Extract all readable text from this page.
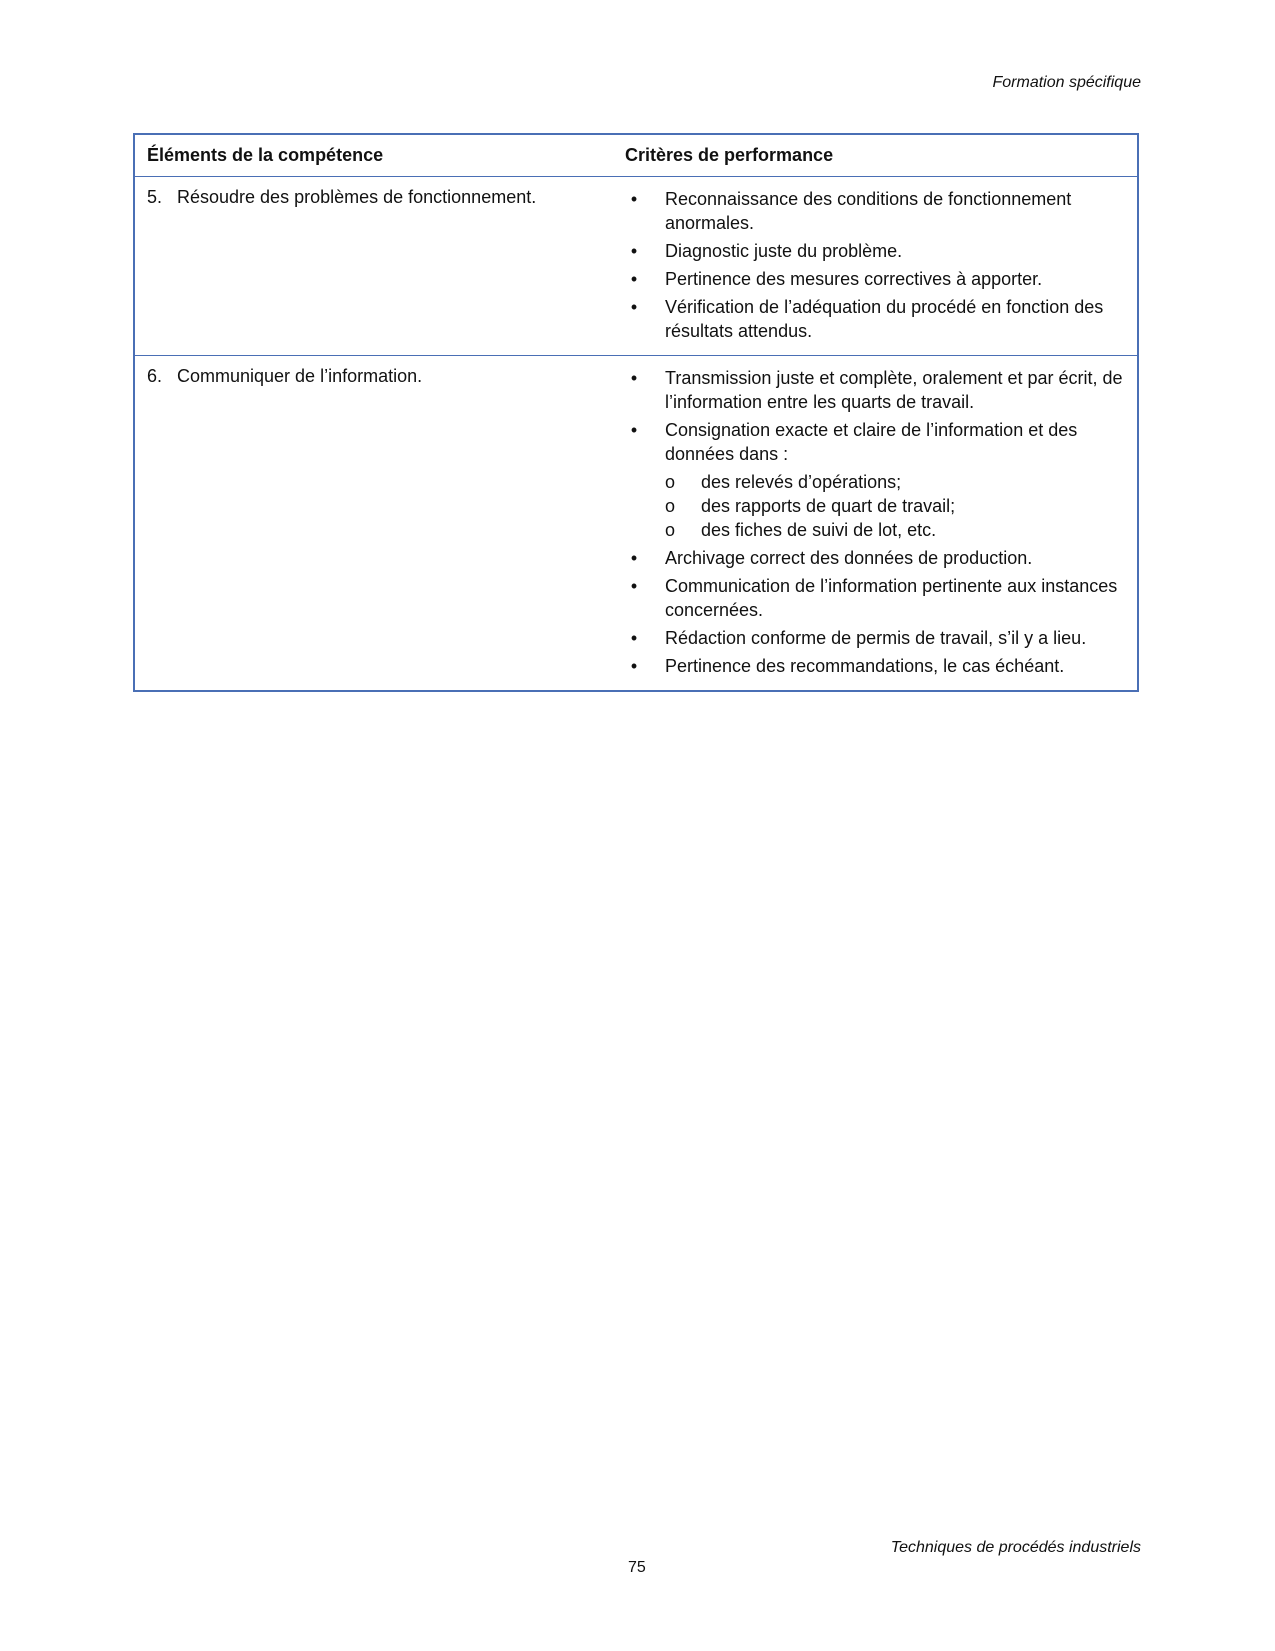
Formation spécifique
Éléments de la compétence	Critères de performance
5. Résoudre des problèmes de fonctionnement.	• Reconnaissance des conditions de fonctionnement anormales.
• Diagnostic juste du problème.
• Pertinence des mesures correctives à apporter.
• Vérification de l’adéquation du procédé en fonction des résultats attendus.
6. Communiquer de l’information.	• Transmission juste et complète, oralement et par écrit, de l’information entre les quarts de travail.
• Consignation exacte et claire de l’information et des données dans :
o des relevés d’opérations;
o des rapports de quart de travail;
o des fiches de suivi de lot, etc.
• Archivage correct des données de production.
• Communication de l’information pertinente aux instances concernées.
• Rédaction conforme de permis de travail, s’il y a lieu.
• Pertinence des recommandations, le cas échéant.
Techniques de procédés industriels
75
